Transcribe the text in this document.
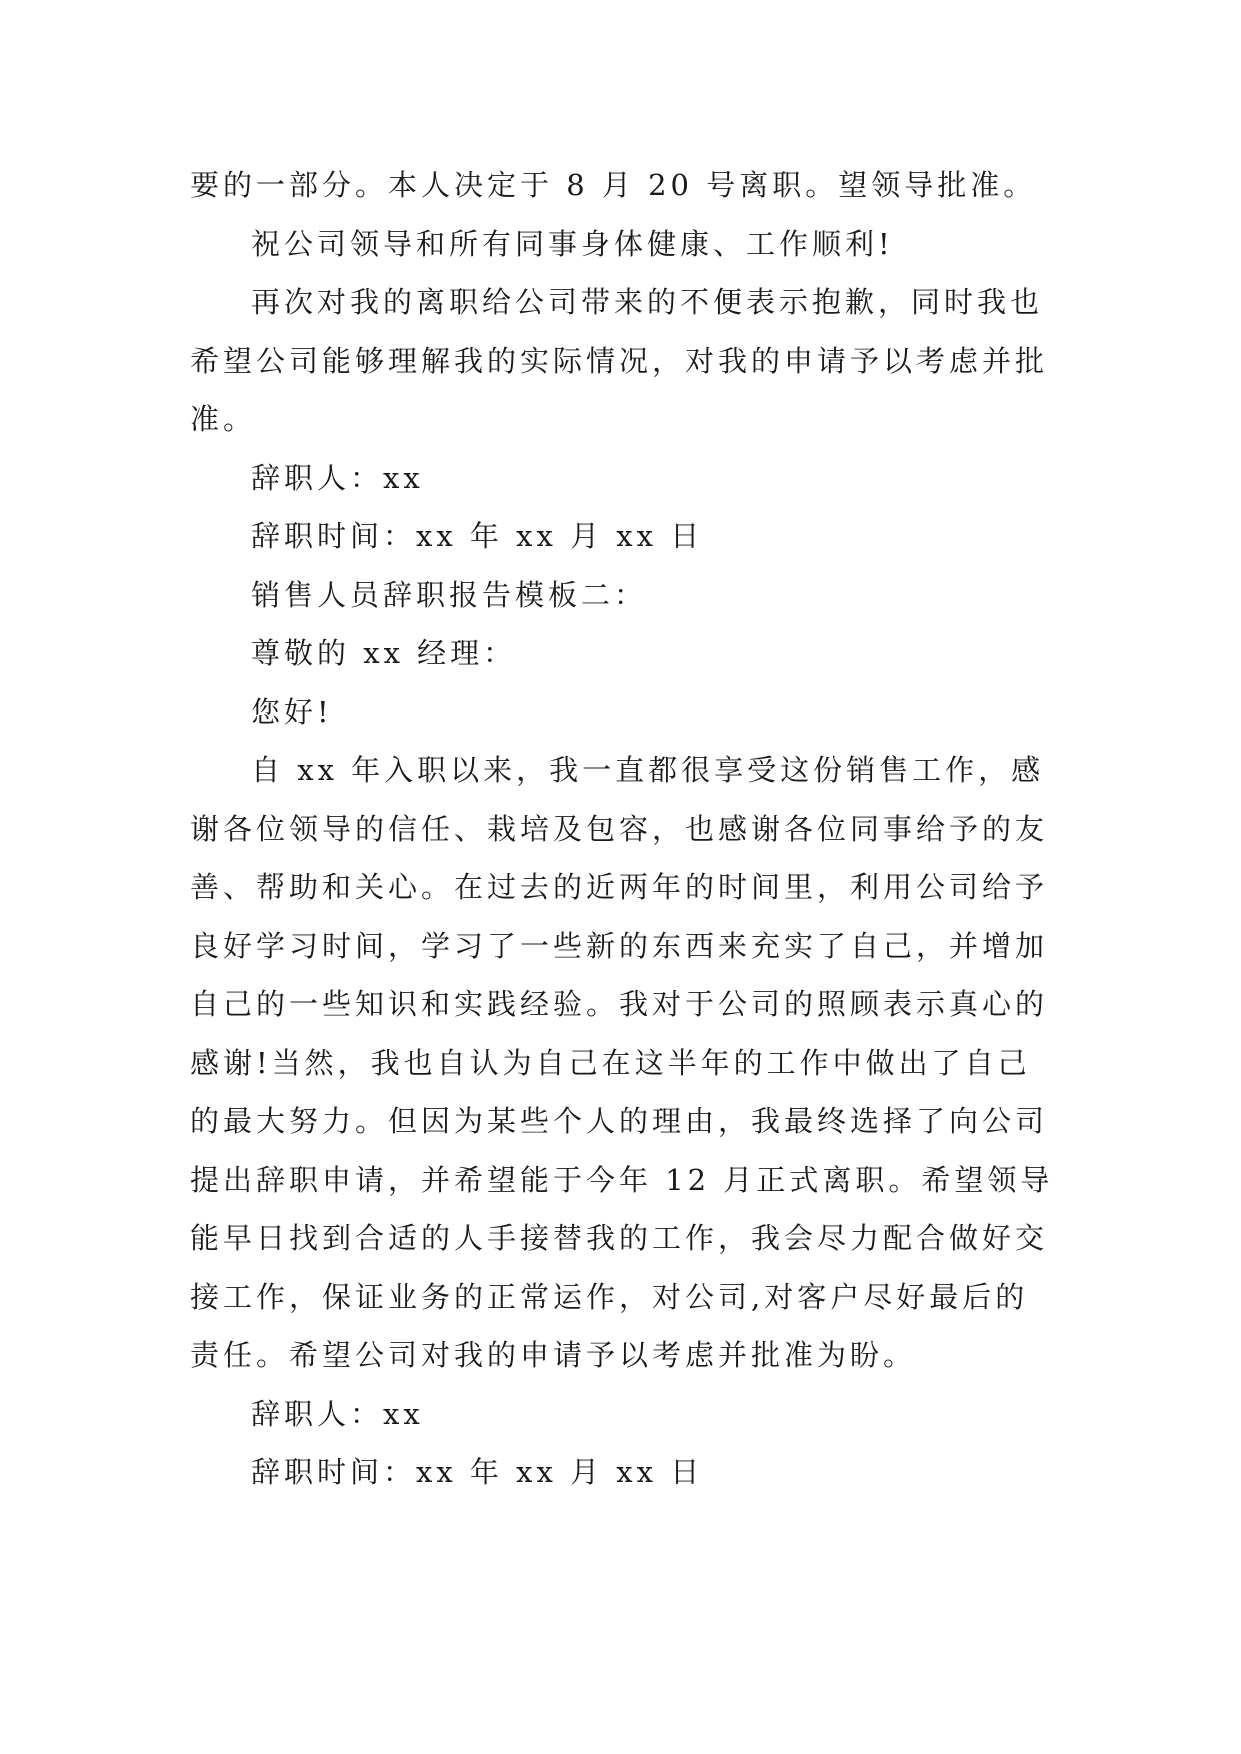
要的一部分。本人决定于 8 月 20 号离职。望领导批准。
祝公司领导和所有同事身体健康、工作顺利!
再次对我的离职给公司带来的不便表示抱歉，同时我也
希望公司能够理解我的实际情况，对我的申请予以考虑并批
准。
辞职人：xx
辞职时间：xx 年 xx 月 xx 日
销售人员辞职报告模板二：
尊敬的 xx 经理：
您好!
自 xx 年入职以来，我一直都很享受这份销售工作，感
谢各位领导的信任、栽培及包容，也感谢各位同事给予的友
善、帮助和关心。在过去的近两年的时间里，利用公司给予
良好学习时间，学习了一些新的东西来充实了自己，并增加
自己的一些知识和实践经验。我对于公司的照顾表示真心的
感谢!当然，我也自认为自己在这半年的工作中做出了自己
的最大努力。但因为某些个人的理由，我最终选择了向公司
提出辞职申请，并希望能于今年 12 月正式离职。希望领导
能早日找到合适的人手接替我的工作，我会尽力配合做好交
接工作，保证业务的正常运作，对公司,对客户尽好最后的
责任。希望公司对我的申请予以考虑并批准为盼。
辞职人：xx
辞职时间：xx 年 xx 月 xx 日
